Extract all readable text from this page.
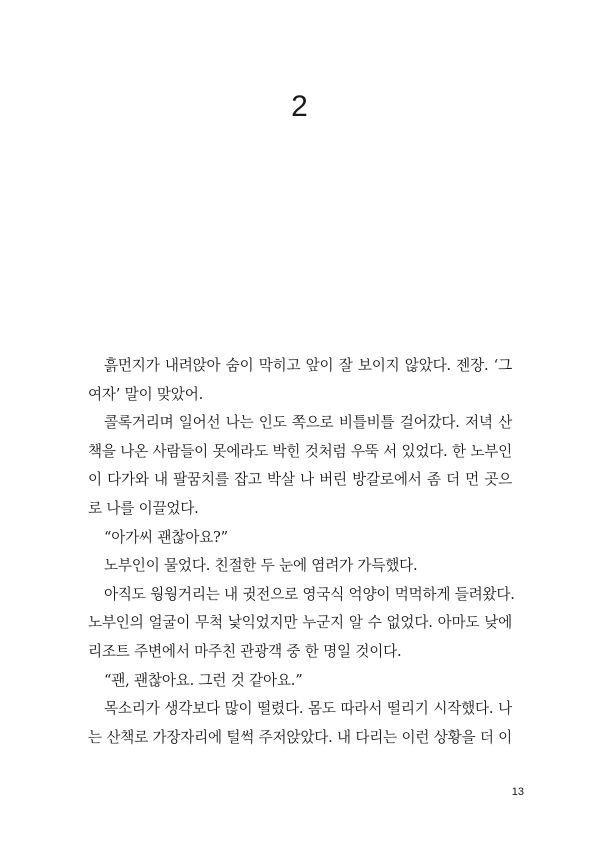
2
흙먼지가 내려앉아 숨이 막히고 앞이 잘 보이지 않았다. 젠장. ‘그
여자’ 말이 맞았어.
콜록거리며 일어선 나는 인도 쪽으로 비틀비틀 걸어갔다. 저녁 산
책을 나온 사람들이 못에라도 박힌 것처럼 우뚝 서 있었다. 한 노부인
이 다가와 내 팔꿈치를 잡고 박살 나 버린 방갈로에서 좀 더 먼 곳으
로 나를 이끌었다.
“아가씨 괜찮아요?”
노부인이 물었다. 친절한 두 눈에 염려가 가득했다.
아직도 웡웡거리는 내 귓전으로 영국식 억양이 먹먹하게 들려왔다.
노부인의 얼굴이 무척 낯익었지만 누군지 알 수 없었다. 아마도 낮에
리조트 주변에서 마주친 관광객 중 한 명일 것이다.
“괜, 괜찮아요. 그런 것 같아요.”
목소리가 생각보다 많이 떨렸다. 몸도 따라서 떨리기 시작했다. 나
는 산책로 가장자리에 털썩 주저앉았다. 내 다리는 이런 상황을 더 이
13
